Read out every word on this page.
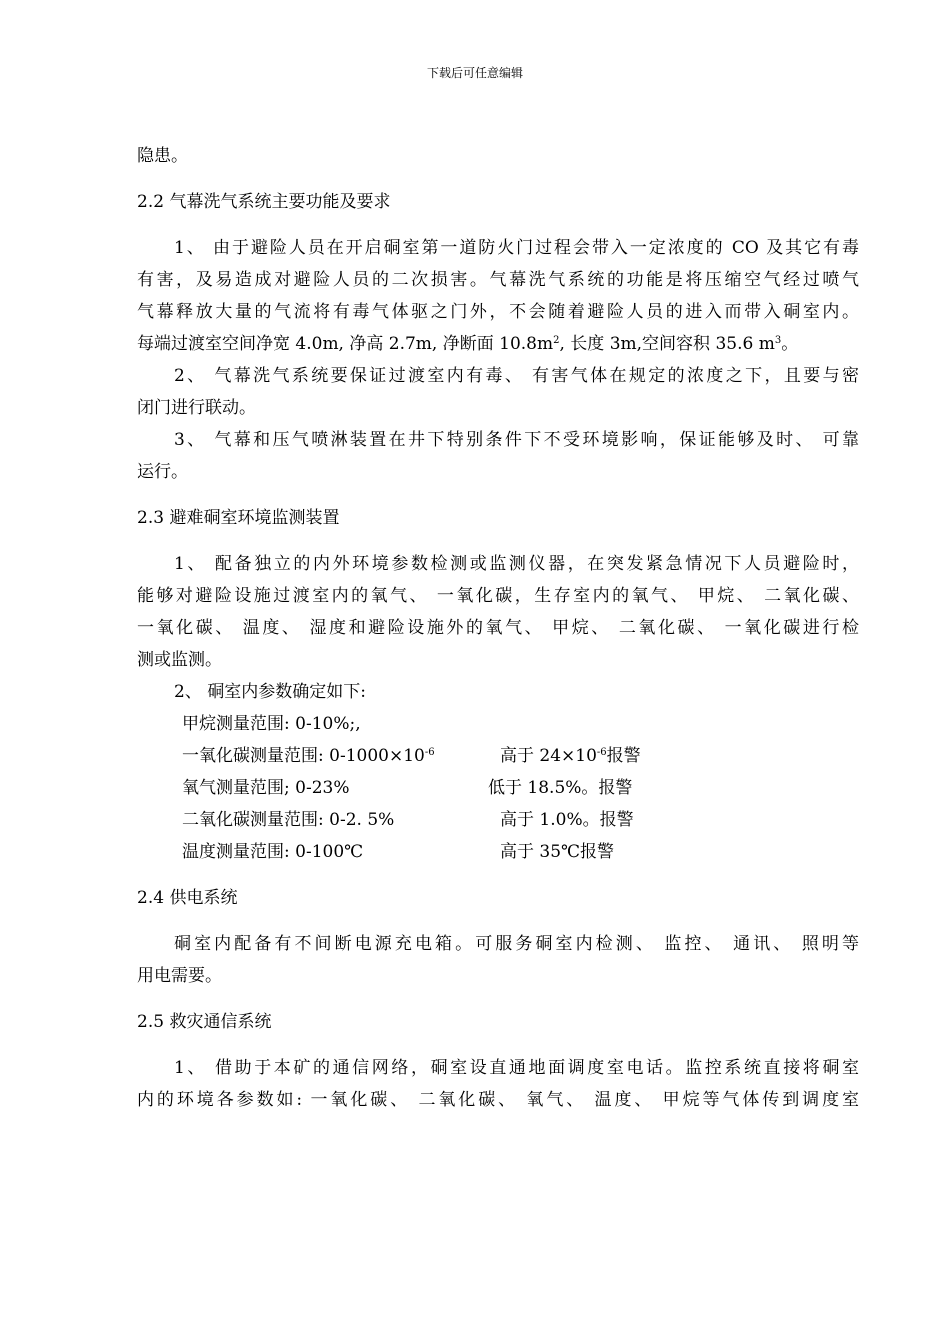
下载后可任意编辑
隐患。
2.2 气幕洗气系统主要功能及要求
1、 由于避险人员在开启硐室第一道防火门过程会带入一定浓度的 CO 及其它有毒
有害，及易造成对避险人员的二次损害。气幕洗气系统的功能是将压缩空气经过喷气
气幕释放大量的气流将有毒气体驱之门外，不会随着避险人员的进入而带入硐室内。
每端过渡室空间净宽 4.0m, 净高 2.7m, 净断面 $10.8m^2$, 长度 3m,空间容积 35.6 $m^3$。
2、 气幕洗气系统要保证过渡室内有毒、 有害气体在规定的浓度之下，且要与密
闭门进行联动。
3、 气幕和压气喷淋装置在井下特别条件下不受环境影响，保证能够及时、 可靠
运行。
2.3 避难硐室环境监测装置
1、 配备独立的内外环境参数检测或监测仪器，在突发紧急情况下人员避险时，
能够对避险设施过渡室内的氧气、 一氧化碳，生存室内的氧气、 甲烷、 二氧化碳、
一氧化碳、 温度、 湿度和避险设施外的氧气、 甲烷、 二氧化碳、 一氧化碳进行检
测或监测。
2、 硐室内参数确定如下:
甲烷测量范围: 0-10%;,
一氧化碳测量范围: $0-1000\times 10^{-6}$	高于 $24\times 10^{-6}$报警
氧气测量范围; 0-23%	低于 18.5%。报警
二氧化碳测量范围: 0-2. 5%	高于 1.0%。报警
温度测量范围: 0-100℃	高于 35℃报警
2.4 供电系统
硐室内配备有不间断电源充电箱。可服务硐室内检测、 监控、 通讯、 照明等
用电需要。
2.5 救灾通信系统
1、 借助于本矿的通信网络，硐室设直通地面调度室电话。监控系统直接将硐室
内的环境各参数如: 一氧化碳、 二氧化碳、 氧气、 温度、 甲烷等气体传到调度室
